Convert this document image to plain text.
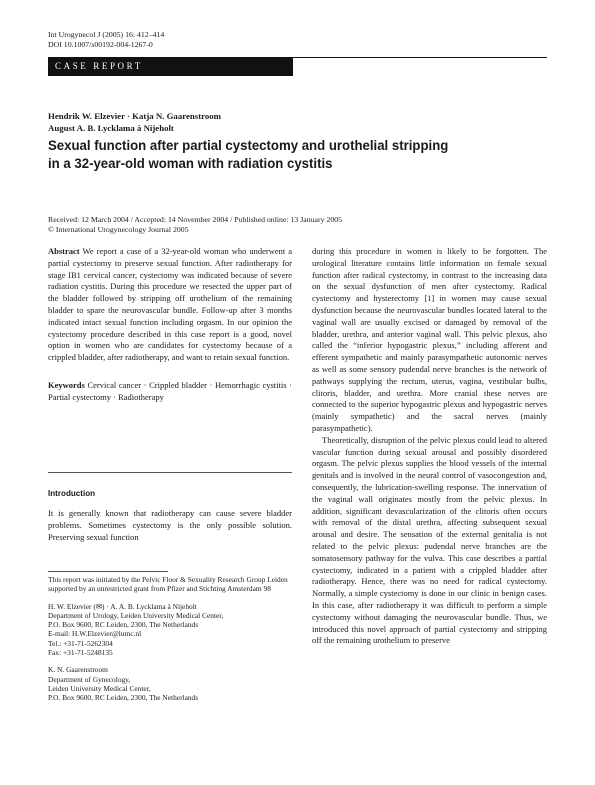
Int Urogynecol J (2005) 16: 412–414
DOI 10.1007/s00192-004-1267-0
CASE REPORT
Hendrik W. Elzevier · Katja N. Gaarenstroom
August A. B. Lycklama à Nijeholt
Sexual function after partial cystectomy and urothelial stripping
in a 32-year-old woman with radiation cystitis
Received: 12 March 2004 / Accepted: 14 November 2004 / Published online: 13 January 2005
© International Urogynecology Journal 2005

Abstract We report a case of a 32-year-old woman who underwent a partial cystectomy to preserve sexual function. After radiotherapy for stage IB1 cervical cancer, cystectomy was indicated because of severe radiation cystitis. During this procedure we resected the upper part of the bladder followed by stripping off urothelium of the remaining bladder to spare the neurovascular bundle. Follow-up after 3 months indicated intact sexual function including orgasm. In our opinion the cystectomy procedure described in this case report is a good, novel option in women who are candidates for cystectomy because of a crippled bladder, after radiotherapy, and want to retain sexual function.

Keywords Cervical cancer · Crippled bladder · Hemorrhagic cystitis · Partial cystectomy · Radiotherapy

Introduction
It is generally known that radiotherapy can cause severe bladder problems. Sometimes cystectomy is the only possible solution. Preserving sexual function

This report was initiated by the Pelvic Floor & Sexuality Research Group Leiden supported by an unrestricted grant from Pfizer and Stichting Amsterdam 98

H. W. Elzevier (✉) · A. A. B. Lycklama à Nijeholt

Department of Urology, Leiden University Medical Center,

P.O. Box 9600, RC Leiden, 2300, The Netherlands

E-mail: H.W.Elzevier@lumc.nl

Tel.: +31-71-5262304

Fax: +31-71-5248135

K. N. Gaarenstroom

Department of Gynecology,

Leiden University Medical Center,

P.O. Box 9600, RC Leiden, 2300, The Netherlands

during this procedure in women is likely to be forgotten. The urological literature contains little information on female sexual function after radical cystectomy, in contrast to the increasing data on the sexual dysfunction of men after cystectomy. Radical cystectomy and hysterectomy [1] in women may cause sexual dysfunction because the neurovascular bundles located lateral to the vaginal wall are usually excised or damaged by removal of the bladder, urethra, and anterior vaginal wall. This pelvic plexus, also called the “inferior hypogastric plexus,” including afferent and efferent sympathetic and mainly parasympathetic autonomic nerves as well as some sensory pudendal nerve branches is the network of pathways supplying the rectum, uterus, vagina, vestibular bulbs, clitoris, bladder, and urethra. More cranial these nerves are connected to the superior hypogastric plexus and hypogastric nerves (mainly sympathetic) and the sacral nerves (mainly parasympathetic).

Theoretically, disruption of the pelvic plexus could lead to altered vascular function during sexual arousal and possibly disordered orgasm. The pelvic plexus supplies the blood vessels of the internal genitals and is involved in the neural control of vasocongestion and, consequently, the lubrication-swelling response. The innervation of the vaginal wall originates mostly from the pelvic plexus. In addition, significant devascularization of the clitoris often occurs with removal of the distal urethra, affecting subsequent sexual arousal and desire. The sensation of the external genitalia is not related to the pelvic plexus: pudendal nerve branches are the somatosensory pathway for the vulva. This case describes a partial cystectomy, indicated in a patient with a crippled bladder after radiotherapy. Hence, there was no need for radical cystectomy. Normally, a simple cystectomy is done in our clinic in benign cases. In this case, after radiotherapy it was difficult to perform a simple cystectomy without damaging the neurovascular bundle. Thus, we introduced this novel approach of partial cystectomy and stripping off the remaining urothelium to preserve
